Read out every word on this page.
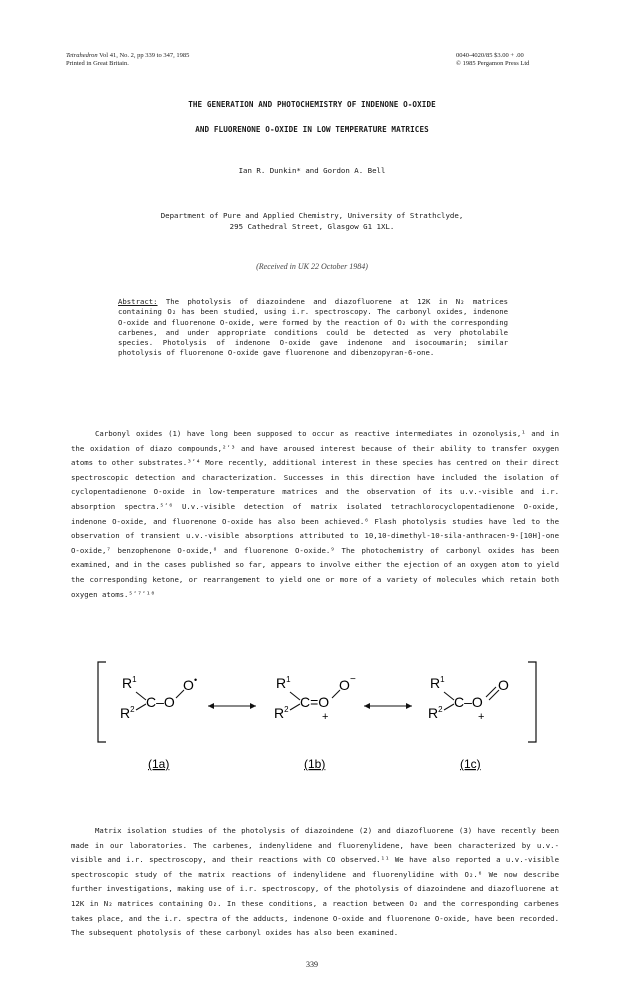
Tetrahedron Vol 41, No. 2, pp 339 to 347, 1985
Printed in Great Britain.
0040-4020/85 $3.00 + .00
© 1985 Pergamon Press Ltd
THE GENERATION AND PHOTOCHEMISTRY OF INDENONE O-OXIDE
AND FLUORENONE O-OXIDE IN LOW TEMPERATURE MATRICES
Ian R. Dunkin* and Gordon A. Bell
Department of Pure and Applied Chemistry, University of Strathclyde,
295 Cathedral Street, Glasgow G1 1XL.
(Received in UK 22 October 1984)
Abstract: The photolysis of diazoindene and diazofluorene at 12K in N₂ matrices containing O₂ has been studied, using i.r. spectroscopy. The carbonyl oxides, indenone O-oxide and fluorenone O-oxide, were formed by the reaction of O₂ with the corresponding carbenes, and under appropriate conditions could be detected as very photolabile species. Photolysis of indenone O-oxide gave indenone and isocoumarin; similar photolysis of fluorenone O-oxide gave fluorenone and dibenzopyran-6-one.

Carbonyl oxides (1) have long been supposed to occur as reactive intermediates in ozonolysis,¹ and in the oxidation of diazo compounds,²ʹ³ and have aroused interest because of their ability to transfer oxygen atoms to other substrates.³ʹ⁴ More recently, additional interest in these species has centred on their direct spectroscopic detection and characterization. Successes in this direction have included the isolation of cyclopentadienone O-oxide in low-temperature matrices and the observation of its u.v.-visible and i.r. absorption spectra.⁵ʹ⁶ U.v.-visible detection of matrix isolated tetrachlorocyclopentadienone O-oxide, indenone O-oxide, and fluorenone O-oxide has also been achieved.⁶ Flash photolysis studies have led to the observation of transient u.v.-visible absorptions attributed to 10,10-dimethyl-10-sila-anthracen-9-[10H]-one O-oxide,⁷ benzophenone O-oxide,⁸ and fluorenone O-oxide.⁹ The photochemistry of carbonyl oxides has been examined, and in the cases published so far, appears to involve either the ejection of an oxygen atom to yield the corresponding ketone, or rearrangement to yield one or more of a variety of molecules which retain both oxygen atoms.⁵ʹ⁷ʹ¹⁰

$R^1$
$R^2$ C–O
O •
(1a)
$R^1$
$R^2$ C=O
+
O −
(1b)
$R^1$
$R^2$ C–O
+
O
(1c)

Matrix isolation studies of the photolysis of diazoindene (2) and diazofluorene (3) have recently been made in our laboratories. The carbenes, indenylidene and fluorenylidene, have been characterized by u.v.-visible and i.r. spectroscopy, and their reactions with CO observed.¹¹ We have also reported a u.v.-visible spectroscopic study of the matrix reactions of indenylidene and fluorenylidine with O₂.⁶ We now describe further investigations, making use of i.r. spectroscopy, of the photolysis of diazoindene and diazofluorene at 12K in N₂ matrices containing O₂. In these conditions, a reaction between O₂ and the corresponding carbenes takes place, and the i.r. spectra of the adducts, indenone O-oxide and fluorenone O-oxide, have been recorded. The subsequent photolysis of these carbonyl oxides has also been examined.

339
